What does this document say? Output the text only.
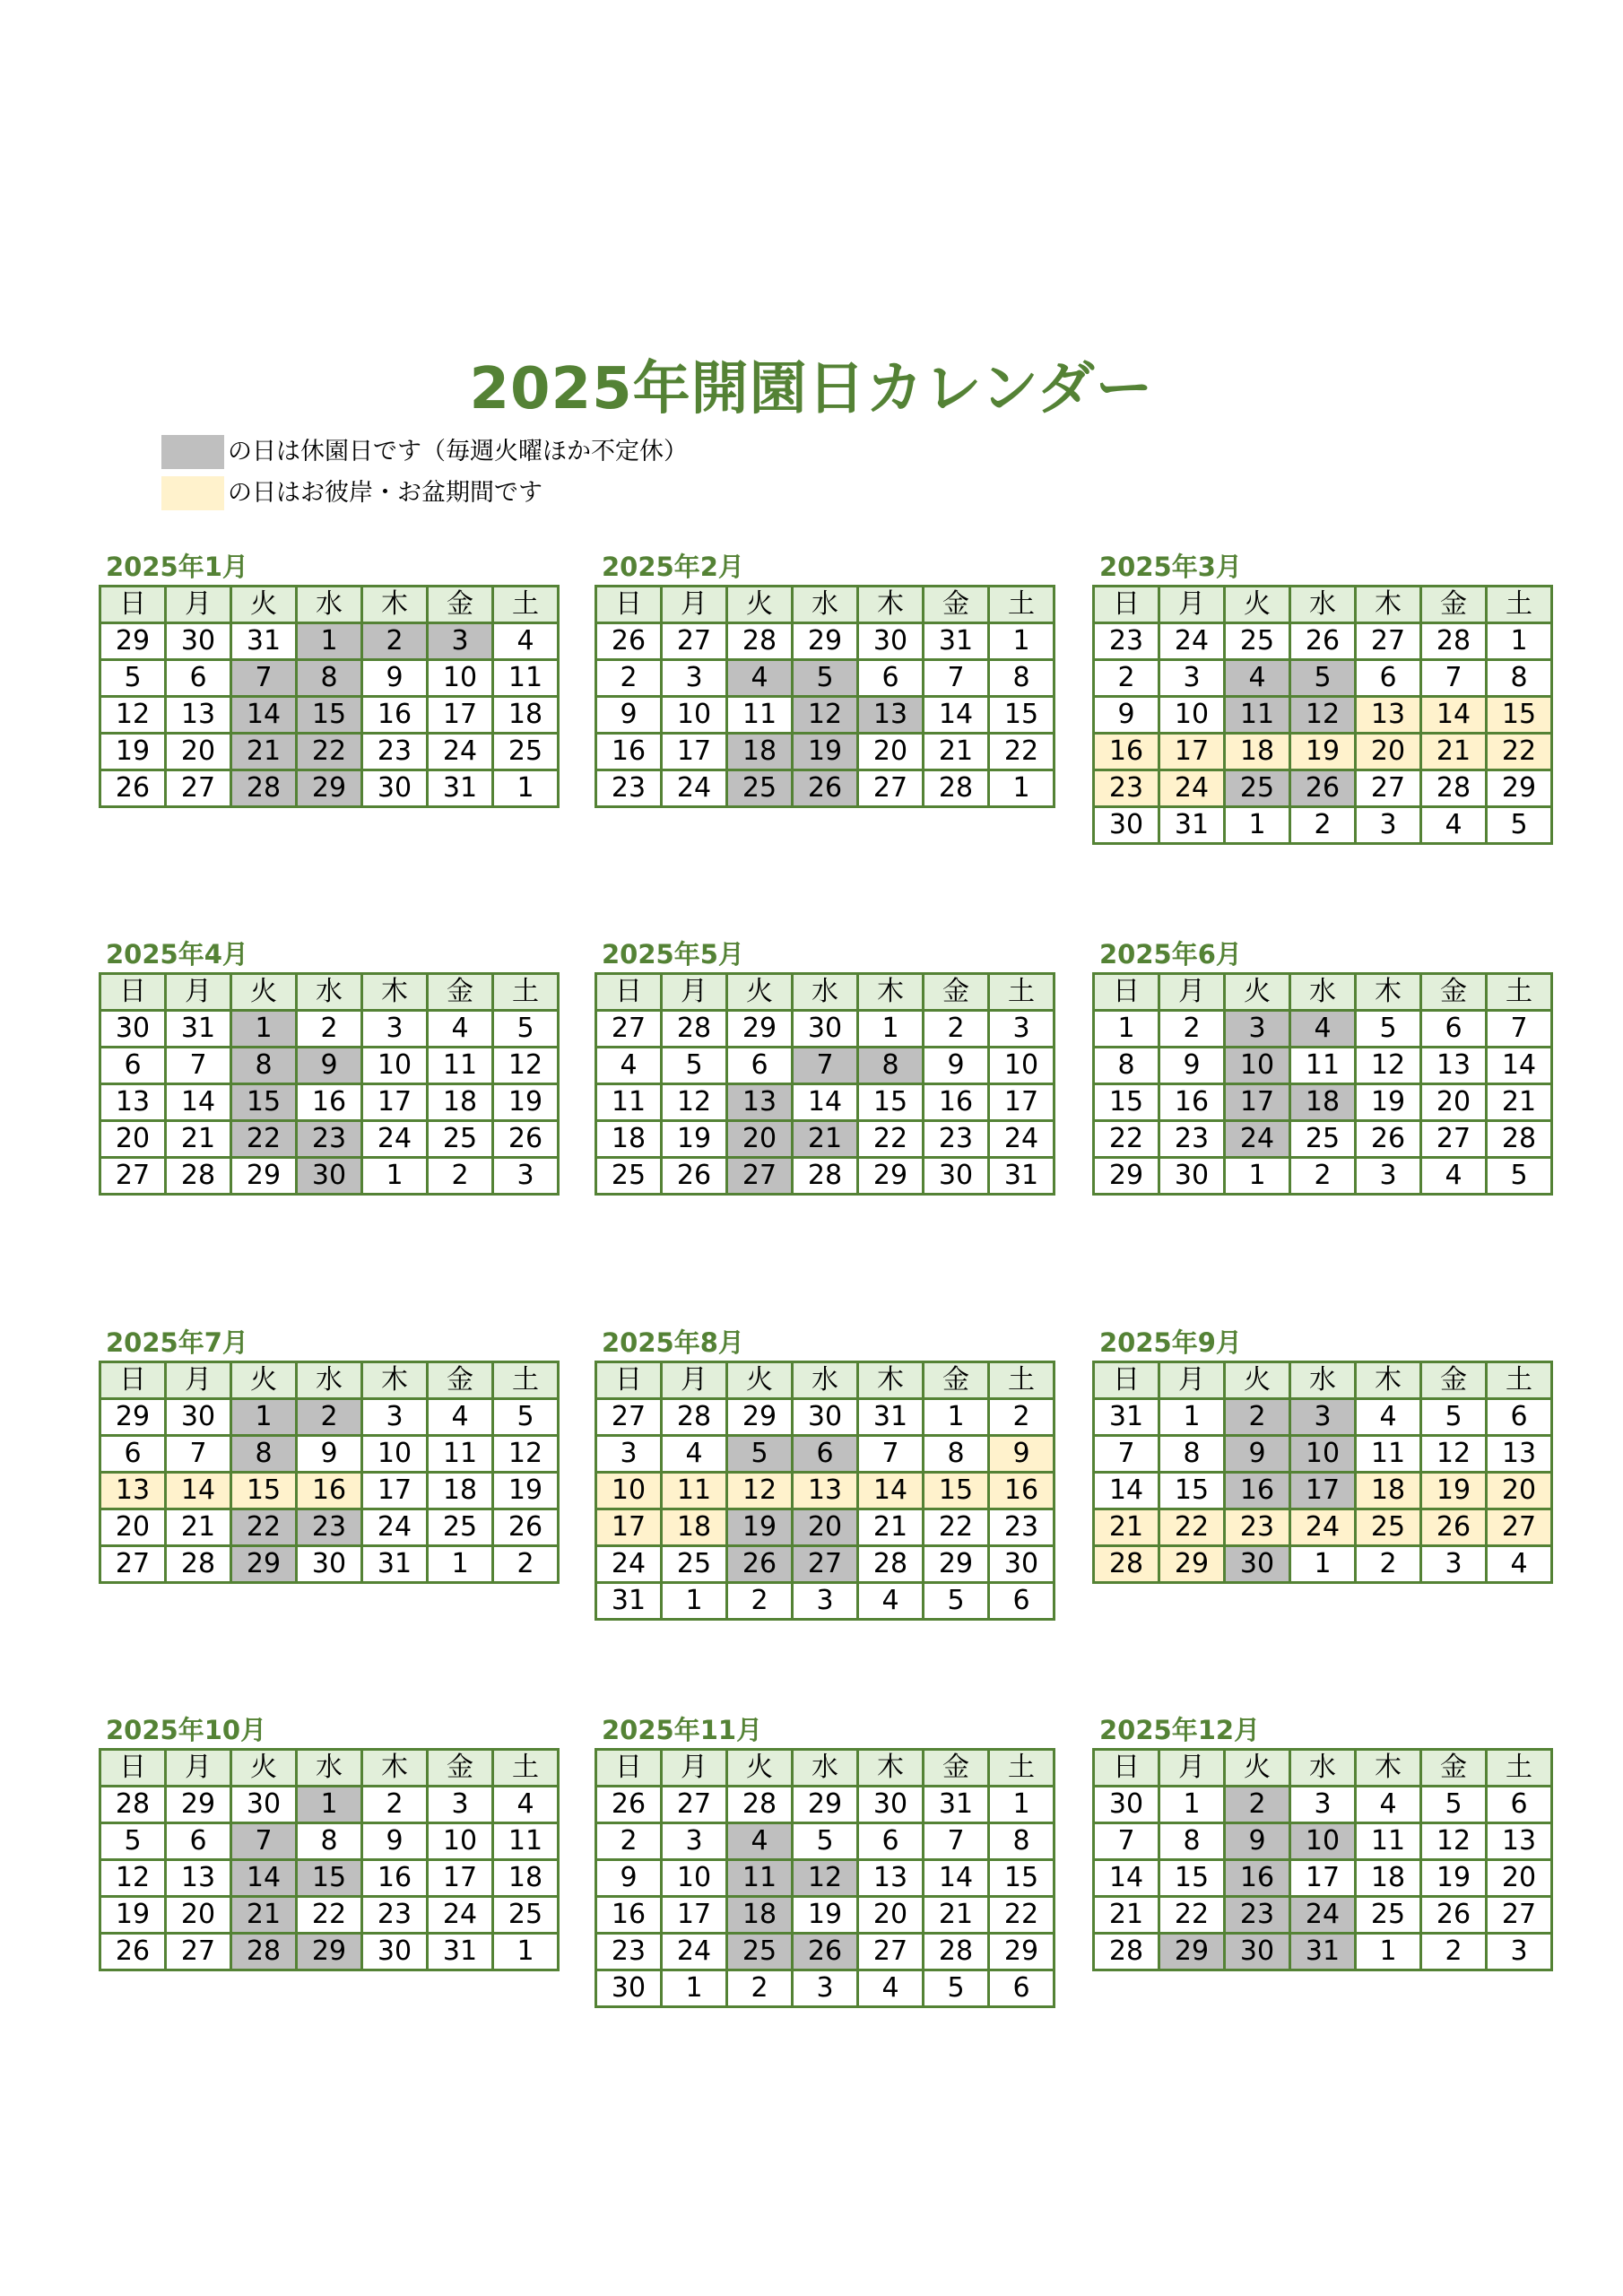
2025年開園日カレンダー
の日は休園日です（毎週火曜ほか不定休）
の日はお彼岸・お盆期間です
2025年1月
日	月	火	水	木	金	土
29	30	31	1	2	3	4
5	6	7	8	9	10	11
12	13	14	15	16	17	18
19	20	21	22	23	24	25
26	27	28	29	30	31	1
2025年2月
日	月	火	水	木	金	土
26	27	28	29	30	31	1
2	3	4	5	6	7	8
9	10	11	12	13	14	15
16	17	18	19	20	21	22
23	24	25	26	27	28	1
2025年3月
日	月	火	水	木	金	土
23	24	25	26	27	28	1
2	3	4	5	6	7	8
9	10	11	12	13	14	15
16	17	18	19	20	21	22
23	24	25	26	27	28	29
30	31	1	2	3	4	5
2025年4月
日	月	火	水	木	金	土
30	31	1	2	3	4	5
6	7	8	9	10	11	12
13	14	15	16	17	18	19
20	21	22	23	24	25	26
27	28	29	30	1	2	3
2025年5月
日	月	火	水	木	金	土
27	28	29	30	1	2	3
4	5	6	7	8	9	10
11	12	13	14	15	16	17
18	19	20	21	22	23	24
25	26	27	28	29	30	31
2025年6月
日	月	火	水	木	金	土
1	2	3	4	5	6	7
8	9	10	11	12	13	14
15	16	17	18	19	20	21
22	23	24	25	26	27	28
29	30	1	2	3	4	5
2025年7月
日	月	火	水	木	金	土
29	30	1	2	3	4	5
6	7	8	9	10	11	12
13	14	15	16	17	18	19
20	21	22	23	24	25	26
27	28	29	30	31	1	2
2025年8月
日	月	火	水	木	金	土
27	28	29	30	31	1	2
3	4	5	6	7	8	9
10	11	12	13	14	15	16
17	18	19	20	21	22	23
24	25	26	27	28	29	30
31	1	2	3	4	5	6
2025年9月
日	月	火	水	木	金	土
31	1	2	3	4	5	6
7	8	9	10	11	12	13
14	15	16	17	18	19	20
21	22	23	24	25	26	27
28	29	30	1	2	3	4
2025年10月
日	月	火	水	木	金	土
28	29	30	1	2	3	4
5	6	7	8	9	10	11
12	13	14	15	16	17	18
19	20	21	22	23	24	25
26	27	28	29	30	31	1
2025年11月
日	月	火	水	木	金	土
26	27	28	29	30	31	1
2	3	4	5	6	7	8
9	10	11	12	13	14	15
16	17	18	19	20	21	22
23	24	25	26	27	28	29
30	1	2	3	4	5	6
2025年12月
日	月	火	水	木	金	土
30	1	2	3	4	5	6
7	8	9	10	11	12	13
14	15	16	17	18	19	20
21	22	23	24	25	26	27
28	29	30	31	1	2	3
